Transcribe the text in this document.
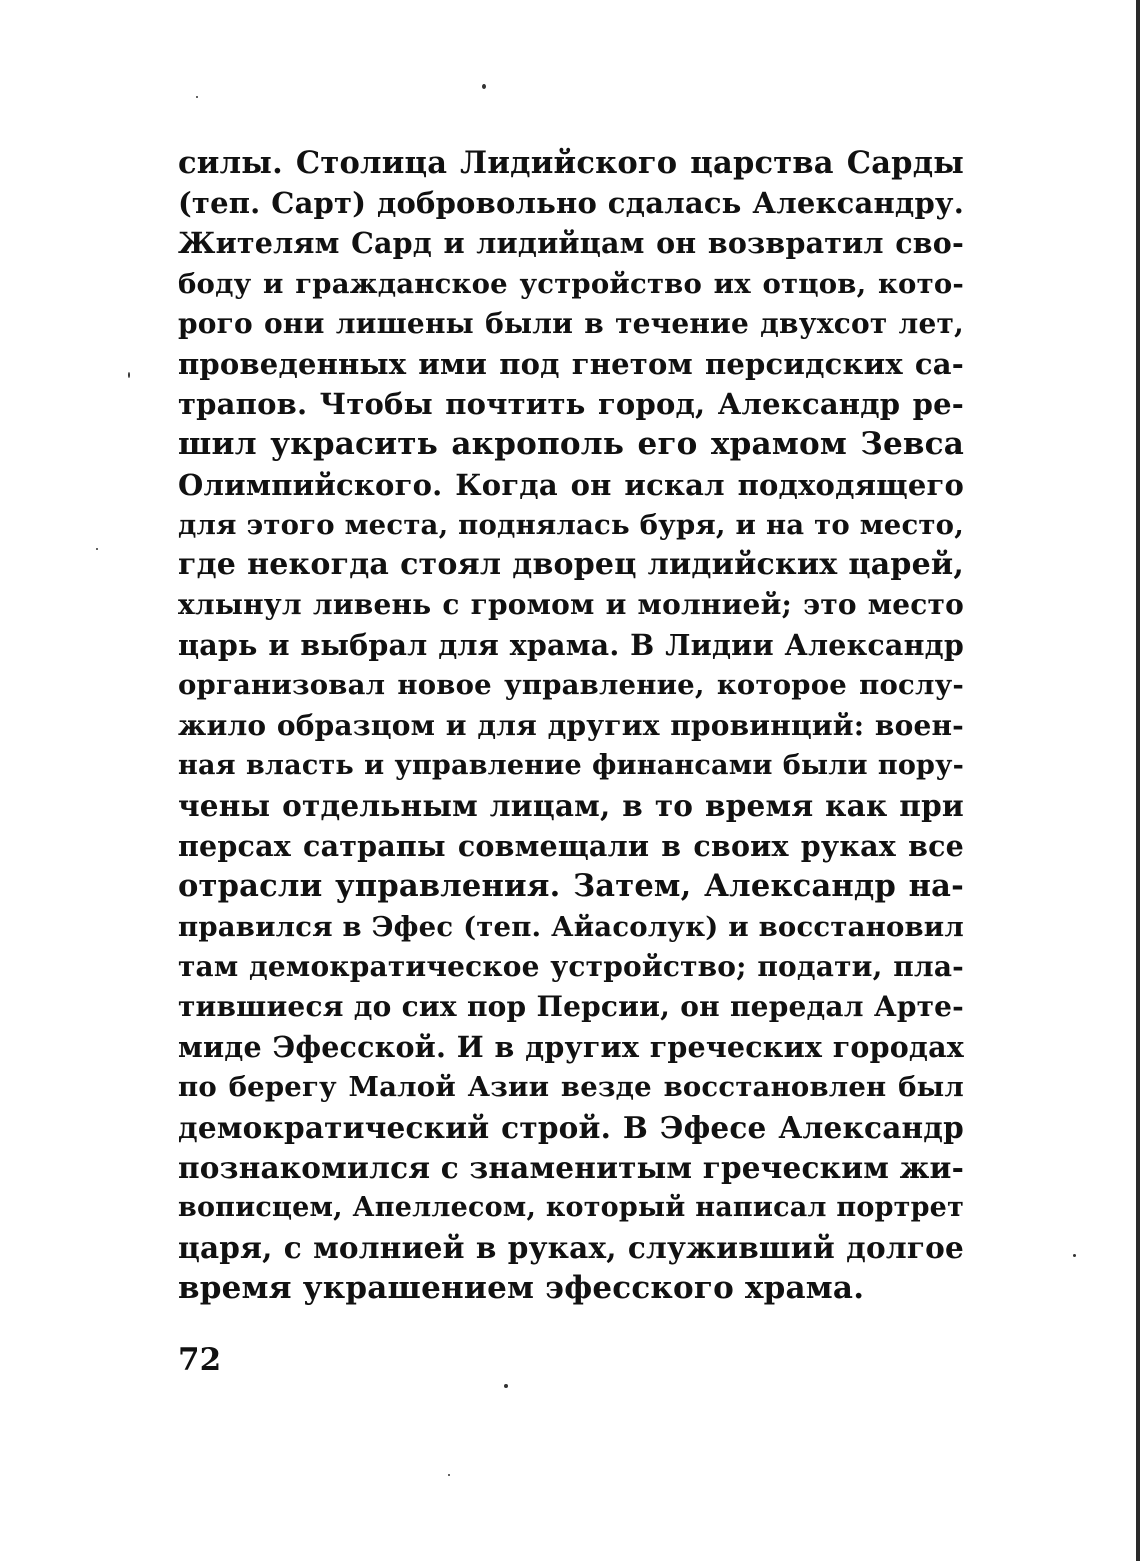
силы. Столица Лидийского царства Сарды
(теп. Сарт) добровольно сдалась Александру.
Жителям Сард и лидийцам он возвратил сво-
боду и гражданское устройство их отцов, кото-
рого они лишены были в течение двухсот лет,
проведенных ими под гнетом персидских са-
трапов. Чтобы почтить город, Александр ре-
шил украсить акрополь его храмом Зевса
Олимпийского. Когда он искал подходящего
для этого места, поднялась буря, и на то место,
где некогда стоял дворец лидийских царей,
хлынул ливень с громом и молнией; это место
царь и выбрал для храма. В Лидии Александр
организовал новое управление, которое послу-
жило образцом и для других провинций: воен-
ная власть и управление финансами были пору-
чены отдельным лицам, в то время как при
персах сатрапы совмещали в своих руках все
отрасли управления. Затем, Александр на-
правился в Эфес (теп. Айасолук) и восстановил
там демократическое устройство; подати, пла-
тившиеся до сих пор Персии, он передал Арте-
миде Эфесской. И в других греческих городах
по берегу Малой Азии везде восстановлен был
демократический строй. В Эфесе Александр
познакомился с знаменитым греческим жи-
вописцем, Апеллесом, который написал портрет
царя, с молнией в руках, служивший долгое
время украшением эфесского храма.
72
